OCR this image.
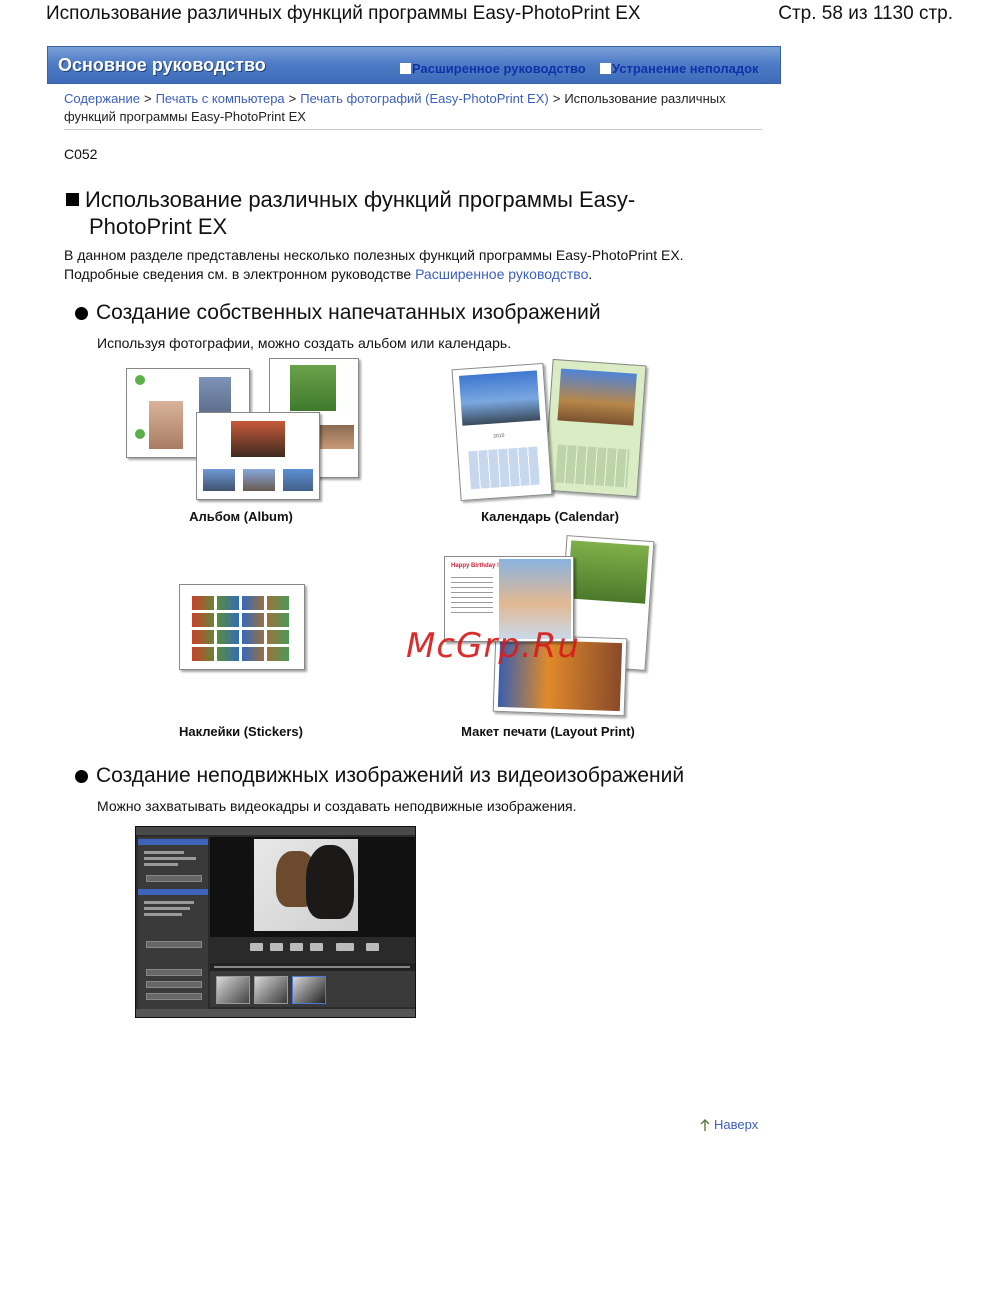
Использование различных функций программы Easy-PhotoPrint EX	Стр. 58 из 1130 стр.
Основное руководство	Расширенное руководство Устранение неполадок
Содержание > Печать с компьютера > Печать фотографий (Easy-PhotoPrint EX) > Использование различных функций программы Easy-PhotoPrint EX
C052
Использование различных функций программы Easy-
PhotoPrint EX
В данном разделе представлены несколько полезных функций программы Easy-PhotoPrint EX.
Подробные сведения см. в электронном руководстве Расширенное руководство.
Создание собственных напечатанных изображений
Используя фотографии, можно создать альбом или календарь.
Альбом (Album)
2010
Календарь (Calendar)
Наклейки (Stickers)
Happy Birthday !
McGrp.Ru
Макет печати (Layout Print)
Создание неподвижных изображений из видеоизображений
Можно захватывать видеокадры и создавать неподвижные изображения.
Наверх
